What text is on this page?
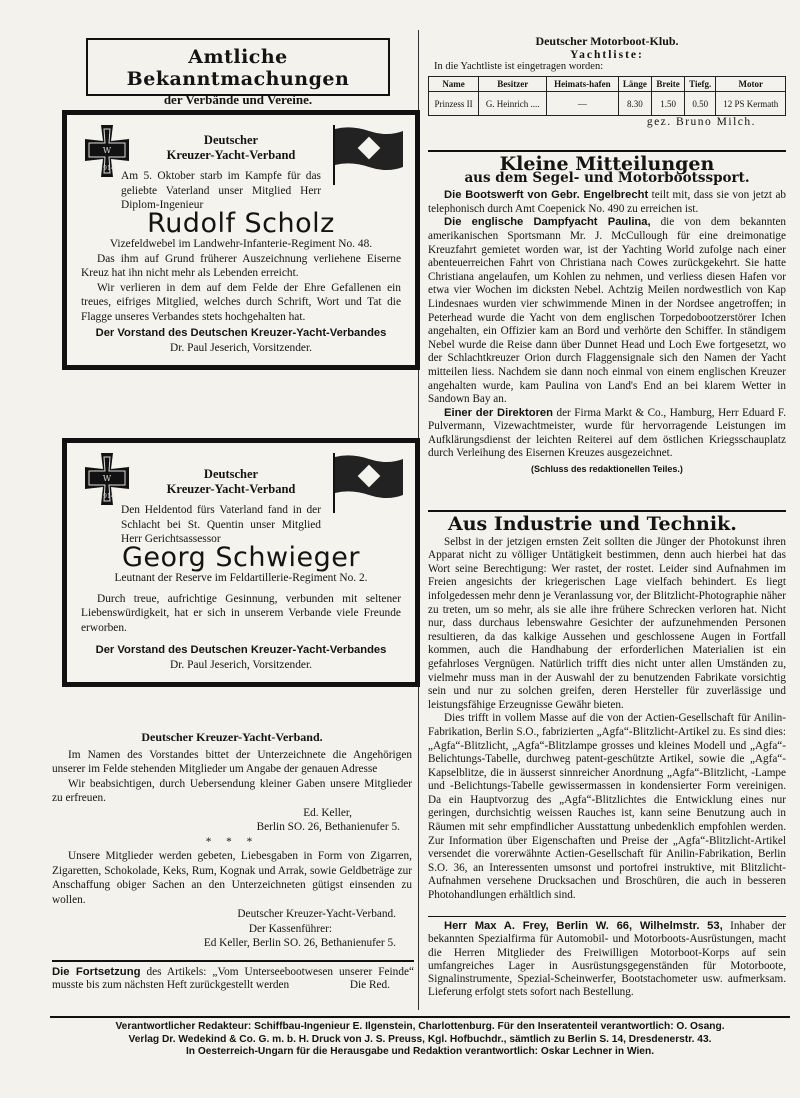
Amtliche Bekanntmachungen
der Verbände und Vereine.
W
1914
Deutscher
Kreuzer-Yacht-Verband

Am 5. Oktober starb im Kampfe für das geliebte Vaterland unser Mitglied Herr Diplom-Ingenieur

Rudolf Scholz

Vizefeldwebel im Landwehr-Infanterie-Regiment No. 48.

Das ihm auf Grund früherer Auszeichnung verliehene Eiserne Kreuz hat ihn nicht mehr als Lebenden erreicht.

Wir verlieren in dem auf dem Felde der Ehre Gefallenen ein treues, eifriges Mitglied, welches durch Schrift, Wort und Tat die Flagge unseres Verbandes stets hochgehalten hat.

Der Vorstand des Deutschen Kreuzer-Yacht-Verbandes
Dr. Paul Jeserich, Vorsitzender.
W
1914
Deutscher
Kreuzer-Yacht-Verband

Den Heldentod fürs Vaterland fand in der Schlacht bei St. Quentin unser Mitglied Herr Gerichtsassessor

Georg Schwieger

Leutnant der Reserve im Feldartillerie-Regiment No. 2.

Durch treue, aufrichtige Gesinnung, verbunden mit seltener Liebenswürdigkeit, hat er sich in unserem Verbande viele Freunde erworben.

Der Vorstand des Deutschen Kreuzer-Yacht-Verbandes
Dr. Paul Jeserich, Vorsitzender.
Deutscher Kreuzer-Yacht-Verband.

Im Namen des Vorstandes bittet der Unterzeichnete die Angehörigen unserer im Felde stehenden Mitglieder um Angabe der genauen Adresse

Wir beabsichtigen, durch Uebersendung kleiner Gaben unsere Mitglieder zu erfreuen.

Ed. Keller,
Berlin SO. 26, Bethanienufer 5.
* * *

Unsere Mitglieder werden gebeten, Liebesgaben in Form von Zigarren, Zigaretten, Schokolade, Keks, Rum, Kognak und Arrak, sowie Geldbeträge zur Anschaffung obiger Sachen an den Unterzeichneten gütigst einsenden zu wollen.

Deutscher Kreuzer-Yacht-Verband.
Der Kassenführer:
Ed Keller, Berlin SO. 26, Bethanienufer 5.
Die Fortsetzung des Artikels: „Vom Unterseebootwesen unserer Feinde“ musste bis zum nächsten Heft zurückgestellt werden	Die Red.
Deutscher Motorboot-Klub.
Yachtliste:
In die Yachtliste ist eingetragen worden:
Name	Besitzer	Heimats-hafen	Länge	Breite	Tiefg.	Motor
Prinzess II	G. Heinrich ....	—	8.30	1.50	0.50	12 PS Kermath
gez. Bruno Milch.
Kleine Mitteilungen
aus dem Segel- und Motorbootssport.

Die Bootswerft von Gebr. Engelbrecht teilt mit, dass sie von jetzt ab telephonisch durch Amt Coepenick No. 490 zu erreichen ist.

Die englische Dampfyacht Paulina, die von dem bekannten amerikanischen Sportsmann Mr. J. McCullough für eine dreimonatige Kreuzfahrt gemietet worden war, ist der Yachting World zufolge nach einer abenteuerreichen Fahrt von Christiana nach Cowes zurückgekehrt. Sie hatte Christiana angelaufen, um Kohlen zu nehmen, und verliess diesen Hafen vor etwa vier Wochen im dicksten Nebel. Achtzig Meilen nordwestlich von Kap Lindesnaes wurden vier schwimmende Minen in der Nordsee angetroffen; in Peterhead wurde die Yacht von dem englischen Torpedobootzerstörer Ichen angehalten, ein Offizier kam an Bord und verhörte den Schiffer. In ständigem Nebel wurde die Reise dann über Dunnet Head und Loch Ewe fortgesetzt, wo der Schlachtkreuzer Orion durch Flaggensignale sich den Namen der Yacht mitteilen liess. Nachdem sie dann noch einmal von einem englischen Kreuzer angehalten wurde, kam Paulina von Land's End an bei klarem Wetter in Sandown Bay an.

Einer der Direktoren der Firma Markt & Co., Hamburg, Herr Eduard F. Pulvermann, Vizewachtmeister, wurde für hervorragende Leistungen im Aufklärungsdienst der leichten Reiterei auf dem östlichen Kriegsschauplatz durch Verleihung des Eisernen Kreuzes ausgezeichnet.

(Schluss des redaktionellen Teiles.)
Aus Industrie und Technik.

Selbst in der jetzigen ernsten Zeit sollten die Jünger der Photokunst ihren Apparat nicht zu völliger Untätigkeit bestimmen, denn auch hierbei hat das Wort seine Berechtigung: Wer rastet, der rostet. Leider sind Aufnahmen im Freien angesichts der kriegerischen Lage vielfach behindert. Es liegt infolgedessen mehr denn je Veranlassung vor, der Blitzlicht-Photographie näher zu treten, um so mehr, als sie alle ihre frühere Schrecken verloren hat. Nicht nur, dass durchaus lebenswahre Gesichter der aufzunehmenden Personen resultieren, da das kalkige Aussehen und geschlossene Augen in Fortfall kommen, auch die Handhabung der erforderlichen Materialien ist ein gefahrloses Vergnügen. Natürlich trifft dies nicht unter allen Umständen zu, vielmehr muss man in der Auswahl der zu benutzenden Fabrikate vorsichtig sein und nur zu solchen greifen, deren Hersteller für zuverlässige und leistungsfähige Erzeugnisse Gewähr bieten.

Dies trifft in vollem Masse auf die von der Actien-Gesellschaft für Anilin-Fabrikation, Berlin S.O., fabrizierten „Agfa“-Blitzlicht-Artikel zu. Es sind dies: „Agfa“-Blitzlicht, „Agfa“-Blitzlampe grosses und kleines Modell und „Agfa“-Belichtungs-Tabelle, durchweg patent-geschützte Artikel, sowie die „Agfa“-Kapselblitze, die in äusserst sinnreicher Anordnung „Agfa“-Blitzlicht, -Lampe und -Belichtungs-Tabelle gewissermassen in kondensierter Form vereinigen. Da ein Hauptvorzug des „Agfa“-Blitzlichtes die Entwicklung eines nur geringen, durchsichtig weissen Rauches ist, kann seine Benutzung auch in Räumen mit sehr empfindlicher Ausstattung unbedenklich empfohlen werden. Zur Information über Eigenschaften und Preise der „Agfa“-Blitzlicht-Artikel versendet die vorerwähnte Actien-Gesellschaft für Anilin-Fabrikation, Berlin S.O. 36, an Interessenten umsonst und portofrei instruktive, mit Blitzlicht-Aufnahmen versehene Drucksachen und Broschüren, die auch in besseren Photohandlungen erhältlich sind.

Herr Max A. Frey, Berlin W. 66, Wilhelmstr. 53, Inhaber der bekannten Spezialfirma für Automobil- und Motorboots-Ausrüstungen, macht die Herren Mitglieder des Freiwilligen Motorboot-Korps auf sein umfangreiches Lager in Ausrüstungsgegenständen für Motorboote, Signalinstrumente, Spezial-Scheinwerfer, Bootstachometer usw. aufmerksam. Lieferung erfolgt stets sofort nach Bestellung.

Verantwortlicher Redakteur: Schiffbau-Ingenieur E. Ilgenstein, Charlottenburg. Für den Inseratenteil verantwortlich: O. Osang.
Verlag Dr. Wedekind & Co. G. m. b. H. Druck von J. S. Preuss, Kgl. Hofbuchdr., sämtlich zu Berlin S. 14, Dresdenerstr. 43.
In Oesterreich-Ungarn für die Herausgabe und Redaktion verantwortlich: Oskar Lechner in Wien.
